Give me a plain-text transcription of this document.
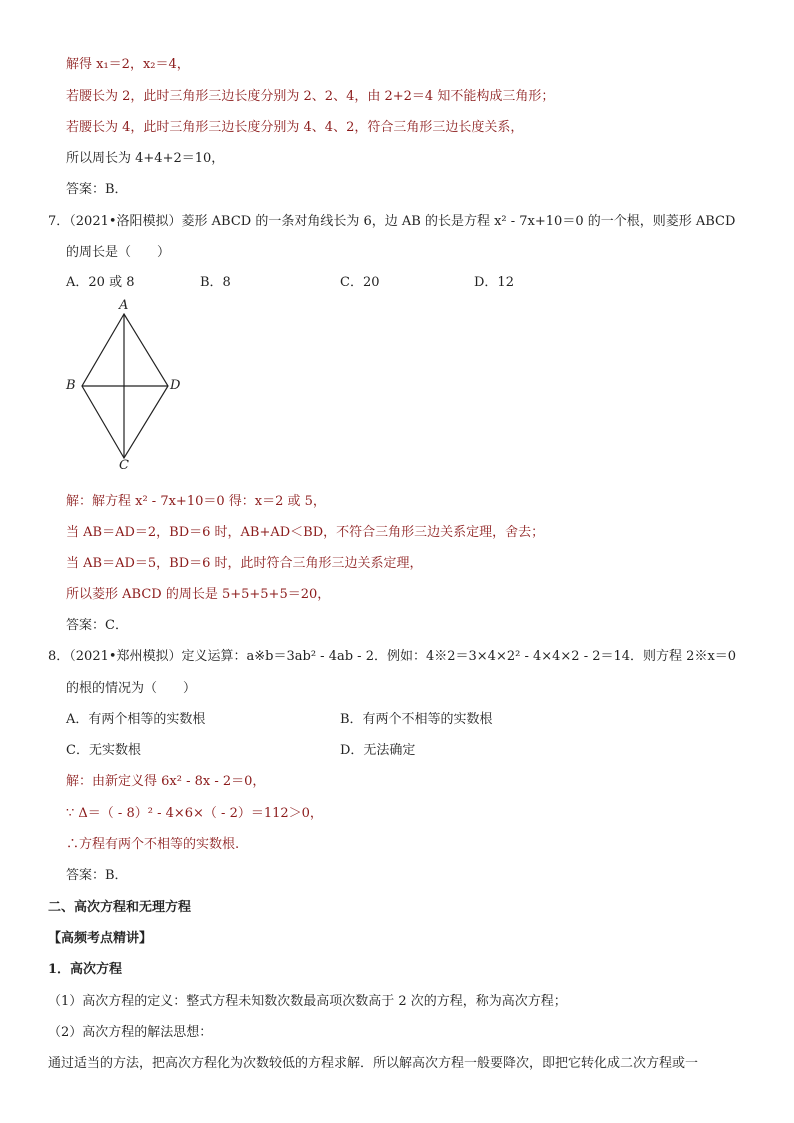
解得 x₁＝2，x₂＝4，
若腰长为 2，此时三角形三边长度分别为 2、2、4，由 2+2＝4 知不能构成三角形；
若腰长为 4，此时三角形三边长度分别为 4、4、2，符合三角形三边长度关系，
所以周长为 4+4+2＝10，
答案：B．
7．（2021•洛阳模拟）菱形 ABCD 的一条对角线长为 6，边 AB 的长是方程 x² - 7x+10＝0 的一个根，则菱形 ABCD
的周长是（　　）
A．20 或 8	B．8	C．20	D．12
A
B
C
D
解：解方程 x² - 7x+10＝0 得：x＝2 或 5，
当 AB＝AD＝2，BD＝6 时，AB+AD＜BD，不符合三角形三边关系定理，舍去；
当 AB＝AD＝5，BD＝6 时，此时符合三角形三边关系定理，
所以菱形 ABCD 的周长是 5+5+5+5＝20，
答案：C．
8．（2021•郑州模拟）定义运算：a※b＝3ab² - 4ab - 2．例如：4※2＝3×4×2² - 4×4×2 - 2＝14．则方程 2※x＝0
的根的情况为（　　）
A．有两个相等的实数根	B．有两个不相等的实数根
C．无实数根	D．无法确定
解：由新定义得 6x² - 8x - 2＝0，
∵ Δ＝（ - 8）² - 4×6×（ - 2）＝112＞0，
∴方程有两个不相等的实数根.
答案：B．
二、高次方程和无理方程
【高频考点精讲】
1．高次方程
（1）高次方程的定义：整式方程未知数次数最高项次数高于 2 次的方程，称为高次方程；
（2）高次方程的解法思想：
通过适当的方法，把高次方程化为次数较低的方程求解．所以解高次方程一般要降次，即把它转化成二次方程或一
